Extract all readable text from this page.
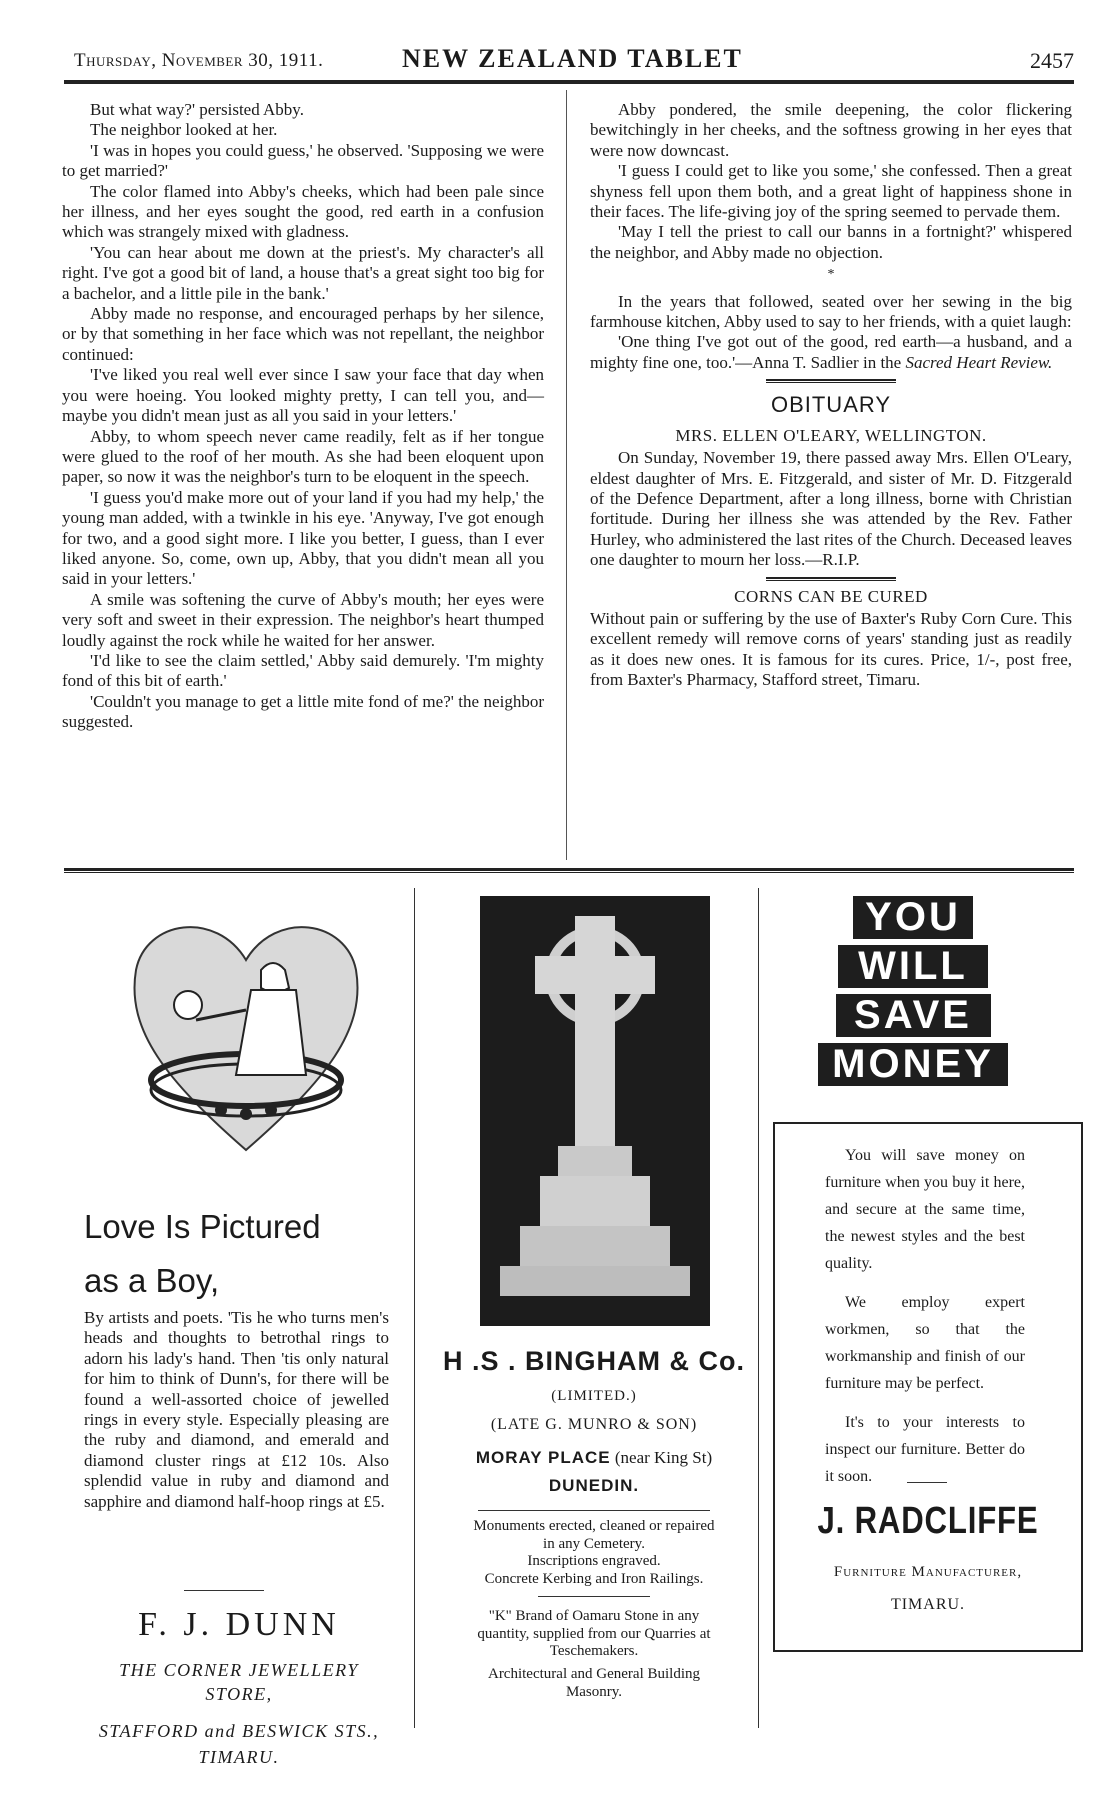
Thursday, November 30, 1911.	NEW ZEALAND TABLET	2457

But what way?' persisted Abby.

The neighbor looked at her.

'I was in hopes you could guess,' he observed. 'Supposing we were to get married?'

The color flamed into Abby's cheeks, which had been pale since her illness, and her eyes sought the good, red earth in a confusion which was strangely mixed with gladness.

'You can hear about me down at the priest's. My character's all right. I've got a good bit of land, a house that's a great sight too big for a bachelor, and a little pile in the bank.'

Abby made no response, and encouraged perhaps by her silence, or by that something in her face which was not repellant, the neighbor continued:

'I've liked you real well ever since I saw your face that day when you were hoeing. You looked mighty pretty, I can tell you, and—maybe you didn't mean just as all you said in your letters.'

Abby, to whom speech never came readily, felt as if her tongue were glued to the roof of her mouth. As she had been eloquent upon paper, so now it was the neighbor's turn to be eloquent in the speech.

'I guess you'd make more out of your land if you had my help,' the young man added, with a twinkle in his eye. 'Anyway, I've got enough for two, and a good sight more. I like you better, I guess, than I ever liked anyone. So, come, own up, Abby, that you didn't mean all you said in your letters.'

A smile was softening the curve of Abby's mouth; her eyes were very soft and sweet in their expression. The neighbor's heart thumped loudly against the rock while he waited for her answer.

'I'd like to see the claim settled,' Abby said demurely. 'I'm mighty fond of this bit of earth.'

'Couldn't you manage to get a little mite fond of me?' the neighbor suggested.

Abby pondered, the smile deepening, the color flickering bewitchingly in her cheeks, and the softness growing in her eyes that were now downcast.

'I guess I could get to like you some,' she confessed. Then a great shyness fell upon them both, and a great light of happiness shone in their faces. The life-giving joy of the spring seemed to pervade them.

'May I tell the priest to call our banns in a fortnight?' whispered the neighbor, and Abby made no objection.

*

In the years that followed, seated over her sewing in the big farmhouse kitchen, Abby used to say to her friends, with a quiet laugh:

'One thing I've got out of the good, red earth—a husband, and a mighty fine one, too.'—Anna T. Sadlier in the Sacred Heart Review.

OBITUARY

MRS. ELLEN O'LEARY, WELLINGTON.

On Sunday, November 19, there passed away Mrs. Ellen O'Leary, eldest daughter of Mrs. E. Fitzgerald, and sister of Mr. D. Fitzgerald of the Defence Department, after a long illness, borne with Christian fortitude. During her illness she was attended by the Rev. Father Hurley, who administered the last rites of the Church. Deceased leaves one daughter to mourn her loss.—R.I.P.

CORNS CAN BE CURED

Without pain or suffering by the use of Baxter's Ruby Corn Cure. This excellent remedy will remove corns of years' standing just as readily as it does new ones. It is famous for its cures. Price, 1/-, post free, from Baxter's Pharmacy, Stafford street, Timaru.

Love Is Pictured
as a Boy,
By artists and poets. 'Tis he who turns men's heads and thoughts to betrothal rings to adorn his lady's hand. Then 'tis only natural for him to think of Dunn's, for there will be found a well-assorted choice of jewelled rings in every style. Especially pleasing are the ruby and diamond, and emerald and diamond cluster rings at £12 10s. Also splendid value in ruby and diamond and sapphire and diamond half-hoop rings at £5.
F. J. DUNN
THE CORNER JEWELLERY
STORE,
STAFFORD and BESWICK STS.,
TIMARU.
H .S . BINGHAM & Co.
(LIMITED.)
(LATE G. MUNRO & SON)
MORAY PLACE (near King St)
DUNEDIN.
Monuments erected, cleaned or repaired
in any Cemetery.
Inscriptions engraved.
Concrete Kerbing and Iron Railings.
"K" Brand of Oamaru Stone in any
quantity, supplied from our Quarries at
Teschemakers.
Architectural and General Building
Masonry.
YOU
WILL
SAVE
MONEY

You will save money on furniture when you buy it here, and secure at the same time, the newest styles and the best quality.

We employ expert workmen, so that the workmanship and finish of our furniture may be perfect.

It's to your interests to inspect our furniture. Better do it soon.

J. RADCLIFFE
Furniture Manufacturer,
TIMARU.
